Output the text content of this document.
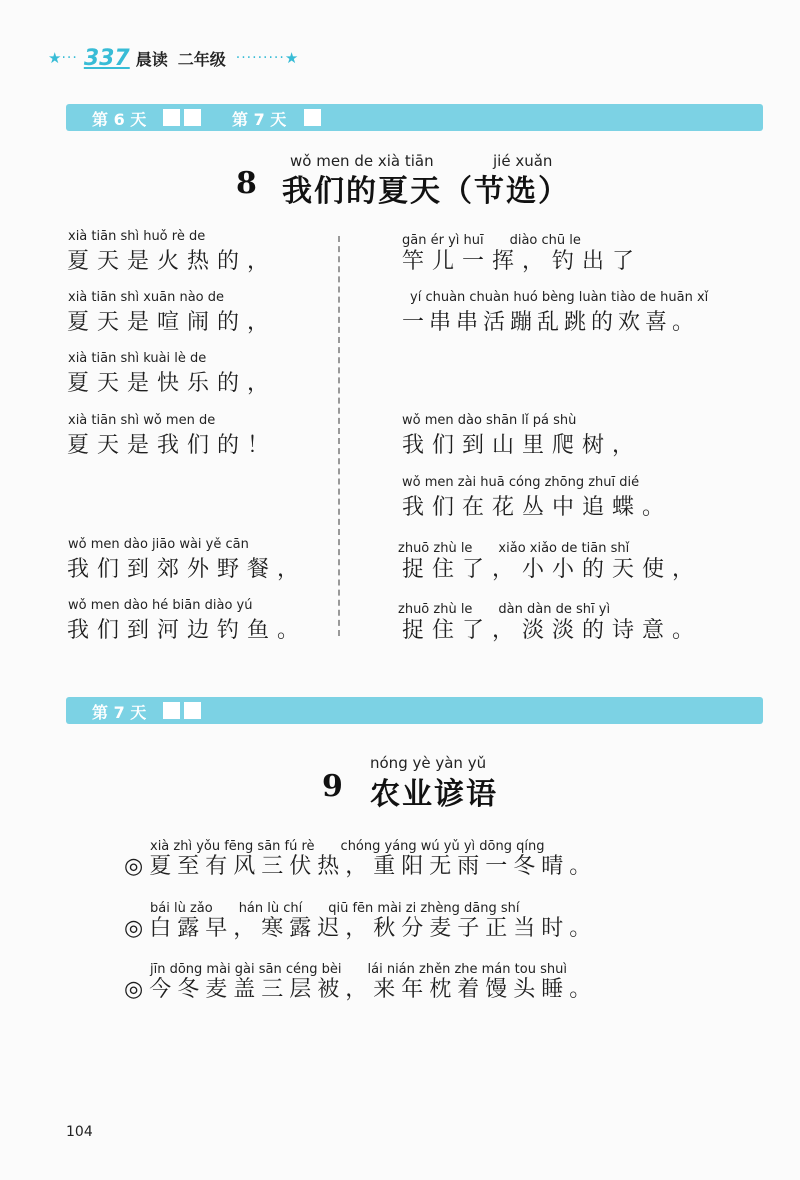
★ ··· 337 晨读 二年级 ········· ★
第 6 天	第 7 天
wǒ men de xià tiān	jié xuǎn
8 我们的夏天（节选）
xià tiān shì huǒ rè de
夏天是火热的，
xià tiān shì xuān nào de
夏天是喧闹的，
xià tiān shì kuài lè de
夏天是快乐的，
xià tiān shì wǒ men de
夏天是我们的！
wǒ men dào jiāo wài yě cān
我们到郊外野餐，
wǒ men dào hé biān diào yú
我们到河边钓鱼。
gān ér yì huī　　diào chū le
竿儿一挥，钓出了
yí chuàn chuàn huó bèng luàn tiào de huān xǐ
一串串活蹦乱跳的欢喜。
wǒ men dào shān lǐ pá shù
我们到山里爬树，
wǒ men zài huā cóng zhōng zhuī dié
我们在花丛中追蝶。
zhuō zhù le　　xiǎo xiǎo de tiān shǐ
捉住了，小小的天使，
zhuō zhù le　　dàn dàn de shī yì
捉住了，淡淡的诗意。
第 7 天
nóng yè yàn yǔ
9 农业谚语
xià zhì yǒu fēng sān fú rè　　chóng yáng wú yǔ yì dōng qíng
◎夏至有风三伏热，重阳无雨一冬晴。
bái lù zǎo　　hán lù chí　　qiū fēn mài zi zhèng dāng shí
◎白露早，寒露迟，秋分麦子正当时。
jīn dōng mài gài sān céng bèi　　lái nián zhěn zhe mán tou shuì
◎今冬麦盖三层被，来年枕着馒头睡。
104
